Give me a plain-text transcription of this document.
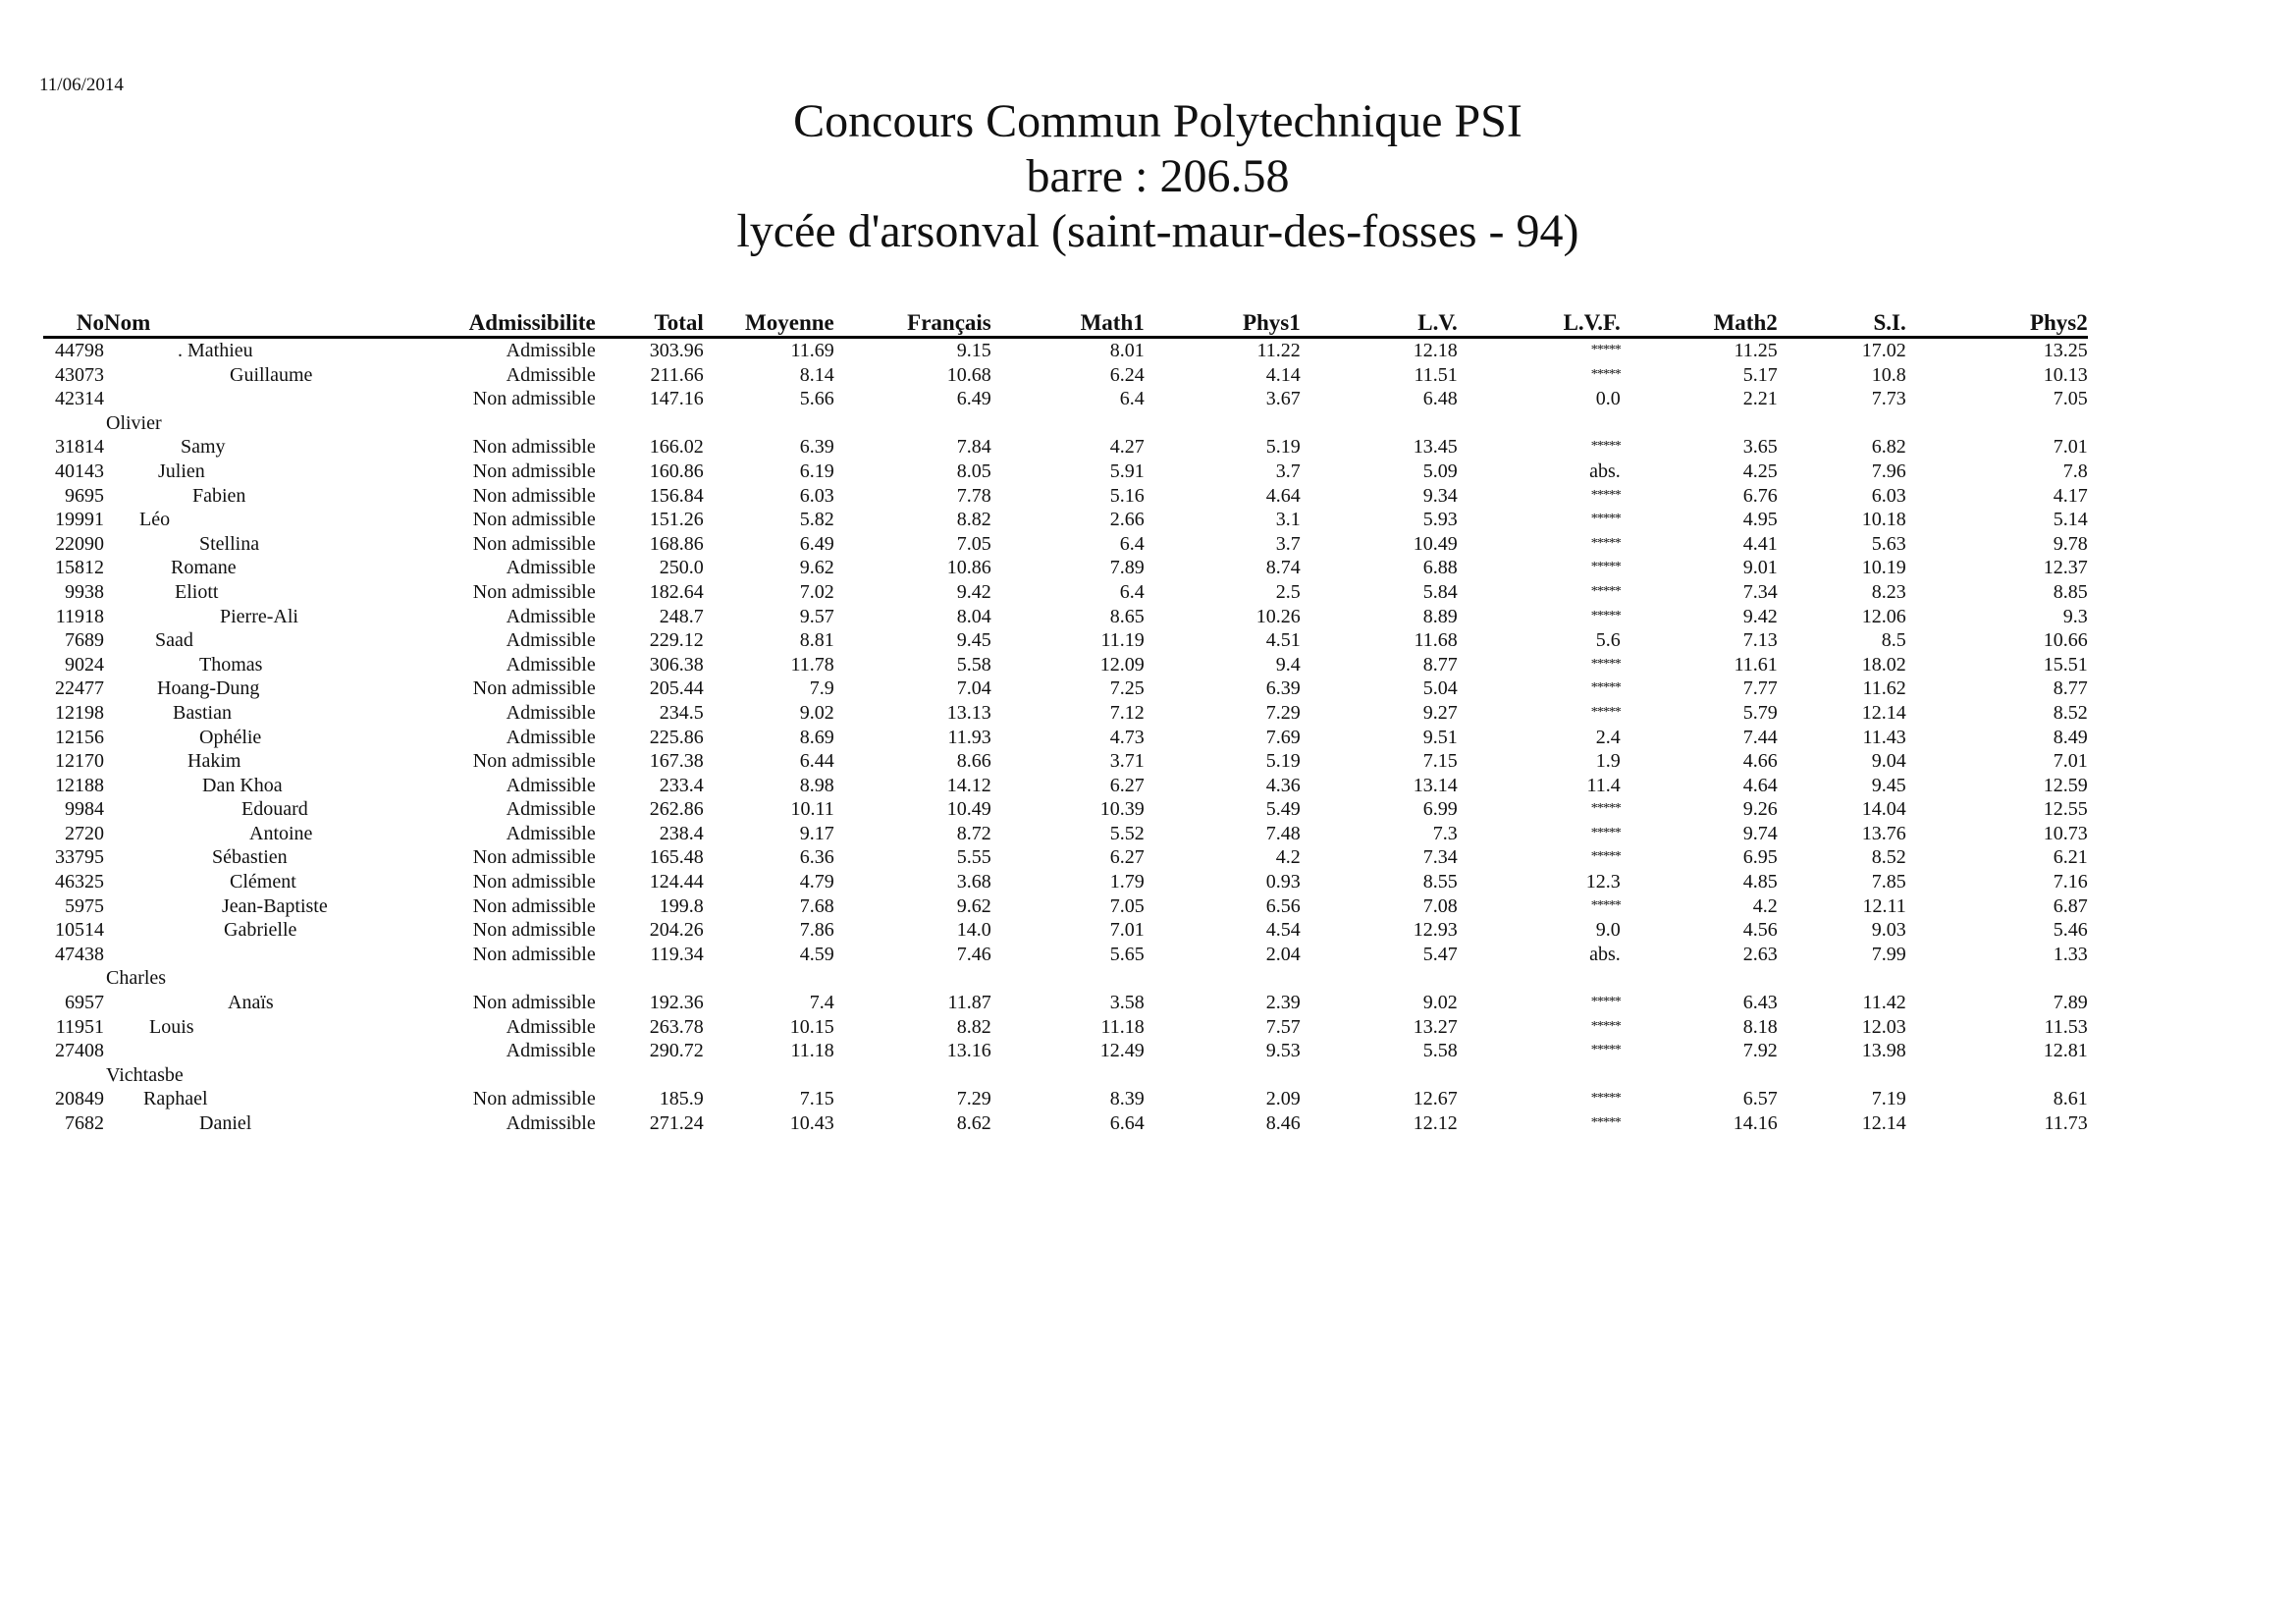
11/06/2014
Concours Commun Polytechnique PSI
barre : 206.58
lycée d'arsonval (saint-maur-des-fosses - 94)
No	Nom	Admissibilite	Total	Moyenne	Français	Math1	Phys1	L.V.	L.V.F.	Math2	S.I.	Phys2
44798	. Mathieu	Admissible	303.96	11.69	9.15	8.01	11.22	12.18	*****	11.25	17.02	13.25
43073	Guillaume	Admissible	211.66	8.14	10.68	6.24	4.14	11.51	*****	5.17	10.8	10.13
42314		Non admissible	147.16	5.66	6.49	6.4	3.67	6.48	0.0	2.21	7.73	7.05
	Olivier											
31814	Samy	Non admissible	166.02	6.39	7.84	4.27	5.19	13.45	*****	3.65	6.82	7.01
40143	Julien	Non admissible	160.86	6.19	8.05	5.91	3.7	5.09	abs.	4.25	7.96	7.8
9695	Fabien	Non admissible	156.84	6.03	7.78	5.16	4.64	9.34	*****	6.76	6.03	4.17
19991	Léo	Non admissible	151.26	5.82	8.82	2.66	3.1	5.93	*****	4.95	10.18	5.14
22090	Stellina	Non admissible	168.86	6.49	7.05	6.4	3.7	10.49	*****	4.41	5.63	9.78
15812	Romane	Admissible	250.0	9.62	10.86	7.89	8.74	6.88	*****	9.01	10.19	12.37
9938	Eliott	Non admissible	182.64	7.02	9.42	6.4	2.5	5.84	*****	7.34	8.23	8.85
11918	Pierre-Ali	Admissible	248.7	9.57	8.04	8.65	10.26	8.89	*****	9.42	12.06	9.3
7689	Saad	Admissible	229.12	8.81	9.45	11.19	4.51	11.68	5.6	7.13	8.5	10.66
9024	Thomas	Admissible	306.38	11.78	5.58	12.09	9.4	8.77	*****	11.61	18.02	15.51
22477	Hoang-Dung	Non admissible	205.44	7.9	7.04	7.25	6.39	5.04	*****	7.77	11.62	8.77
12198	Bastian	Admissible	234.5	9.02	13.13	7.12	7.29	9.27	*****	5.79	12.14	8.52
12156	Ophélie	Admissible	225.86	8.69	11.93	4.73	7.69	9.51	2.4	7.44	11.43	8.49
12170	Hakim	Non admissible	167.38	6.44	8.66	3.71	5.19	7.15	1.9	4.66	9.04	7.01
12188	Dan Khoa	Admissible	233.4	8.98	14.12	6.27	4.36	13.14	11.4	4.64	9.45	12.59
9984	Edouard	Admissible	262.86	10.11	10.49	10.39	5.49	6.99	*****	9.26	14.04	12.55
2720	Antoine	Admissible	238.4	9.17	8.72	5.52	7.48	7.3	*****	9.74	13.76	10.73
33795	Sébastien	Non admissible	165.48	6.36	5.55	6.27	4.2	7.34	*****	6.95	8.52	6.21
46325	Clément	Non admissible	124.44	4.79	3.68	1.79	0.93	8.55	12.3	4.85	7.85	7.16
5975	Jean-Baptiste	Non admissible	199.8	7.68	9.62	7.05	6.56	7.08	*****	4.2	12.11	6.87
10514	Gabrielle	Non admissible	204.26	7.86	14.0	7.01	4.54	12.93	9.0	4.56	9.03	5.46
47438		Non admissible	119.34	4.59	7.46	5.65	2.04	5.47	abs.	2.63	7.99	1.33
	Charles											
6957	Anaïs	Non admissible	192.36	7.4	11.87	3.58	2.39	9.02	*****	6.43	11.42	7.89
11951	Louis	Admissible	263.78	10.15	8.82	11.18	7.57	13.27	*****	8.18	12.03	11.53
27408		Admissible	290.72	11.18	13.16	12.49	9.53	5.58	*****	7.92	13.98	12.81
	Vichtasbe											
20849	Raphael	Non admissible	185.9	7.15	7.29	8.39	2.09	12.67	*****	6.57	7.19	8.61
7682	Daniel	Admissible	271.24	10.43	8.62	6.64	8.46	12.12	*****	14.16	12.14	11.73
